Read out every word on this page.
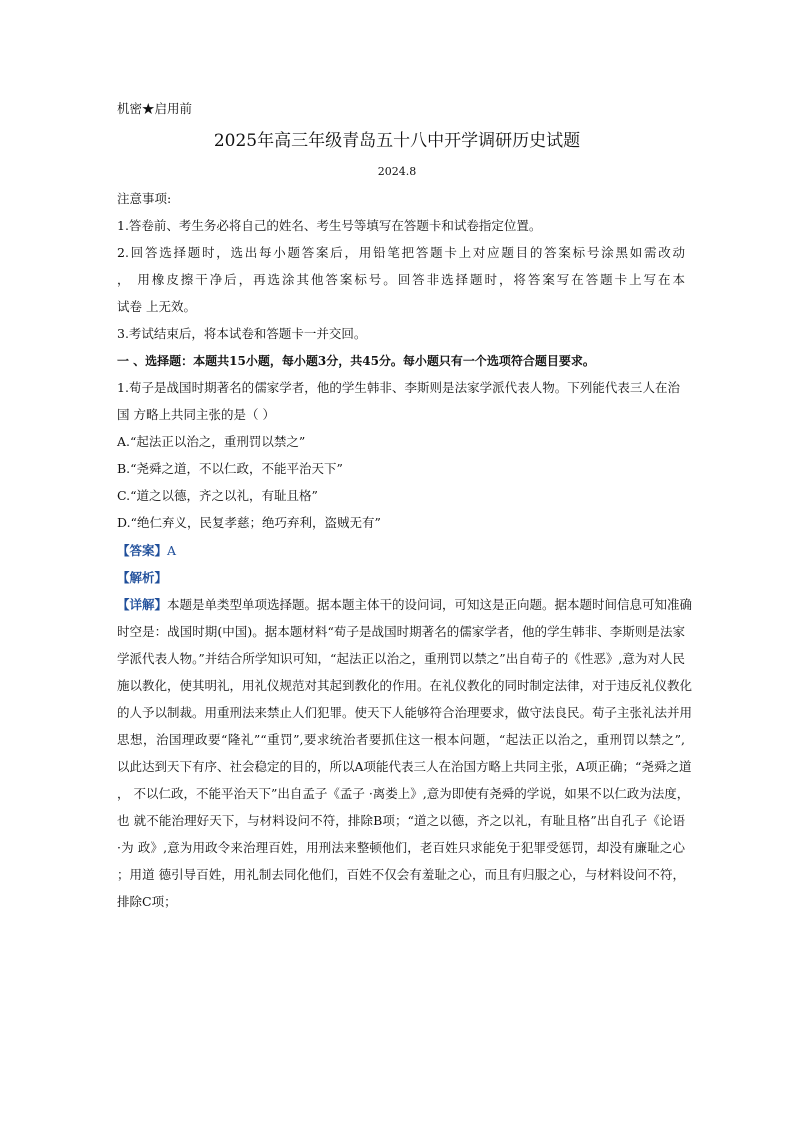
机密★启用前
2025年高三年级青岛五十八中开学调研历史试题
2024.8
注意事项:
1.答卷前、考生务必将自己的姓名、考生号等填写在答题卡和试卷指定位置。
2.回答选择题时，选出每小题答案后，用铅笔把答题卡上对应题目的答案标号涂黑如需改动
， 用橡皮擦干净后，再选涂其他答案标号。回答非选择题时，将答案写在答题卡上写在本
试卷 上无效。
3.考试结束后，将本试卷和答题卡一并交回。
一 、选择题：本题共15小题，每小题3分，共45分。每小题只有一个选项符合题目要求。
1.荀子是战国时期著名的儒家学者，他的学生韩非、李斯则是法家学派代表人物。下列能代表三人在治
国 方略上共同主张的是（ ）
A.“起法正以治之，重刑罚以禁之”
B.“尧舜之道，不以仁政，不能平治天下”
C.“道之以德，齐之以礼，有耻且格”
D.“绝仁弃义，民复孝慈；绝巧弃利，盗贼无有”
【答案】A
【解析】
【详解】本题是单类型单项选择题。据本题主体干的设问词，可知这是正向题。据本题时间信息可知准确
时空是：战国时期(中国)。据本题材料“荀子是战国时期著名的儒家学者，他的学生韩非、李斯则是法家
学派代表人物。”并结合所学知识可知，“起法正以治之，重刑罚以禁之”出自荀子的《性恶》,意为对人民
施以教化，使其明礼，用礼仪规范对其起到教化的作用。在礼仪教化的同时制定法律，对于违反礼仪教化
的人予以制裁。用重刑法来禁止人们犯罪。使天下人能够符合治理要求，做守法良民。荀子主张礼法并用
思想，治国理政要“隆礼”“重罚”,要求统治者要抓住这一根本问题，“起法正以治之，重刑罚以禁之”,
以此达到天下有序、社会稳定的目的，所以A项能代表三人在治国方略上共同主张，A项正确；“尧舜之道
， 不以仁政，不能平治天下”出自孟子《孟子 ·离娄上》,意为即使有尧舜的学说，如果不以仁政为法度，
也 就不能治理好天下，与材料设问不符，排除B项；“道之以德，齐之以礼，有耻且格”出自孔子《论语
·为 政》,意为用政令来治理百姓，用刑法来整顿他们，老百姓只求能免于犯罪受惩罚，却没有廉耻之心
；用道 德引导百姓，用礼制去同化他们，百姓不仅会有羞耻之心，而且有归服之心，与材料设问不符，
排除C项；
